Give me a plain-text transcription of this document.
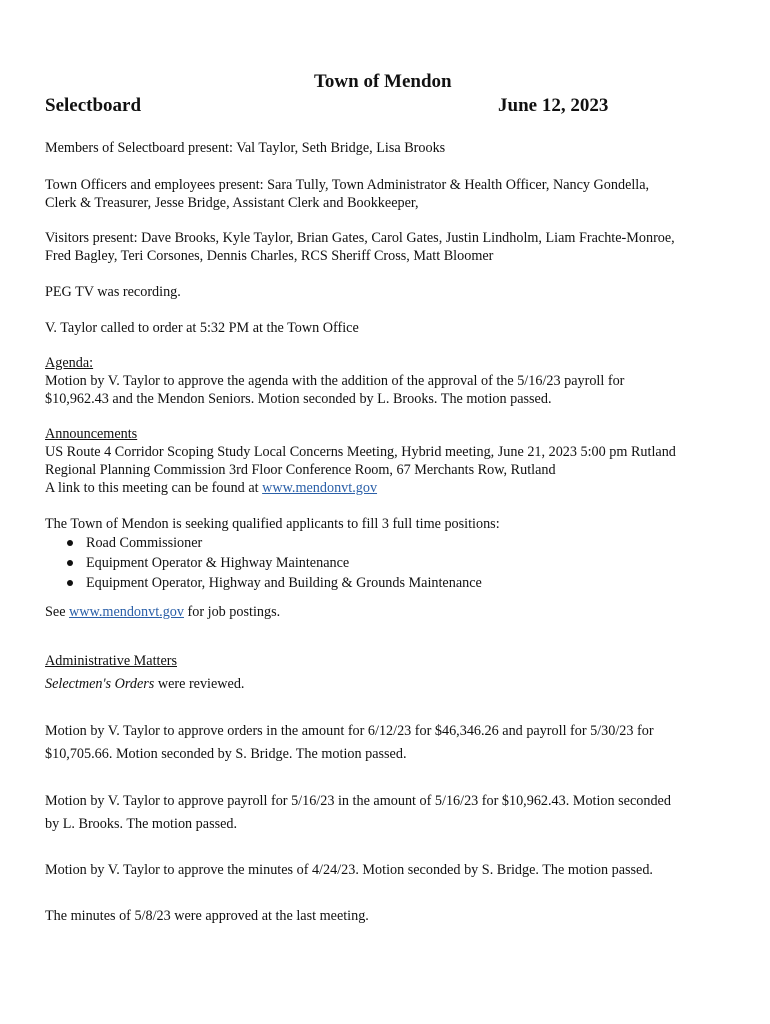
Town of Mendon
Selectboard	June 12, 2023
Members of Selectboard present: Val Taylor, Seth Bridge, Lisa Brooks
Town Officers and employees present: Sara Tully, Town Administrator & Health Officer, Nancy Gondella,
Clerk & Treasurer, Jesse Bridge, Assistant Clerk and Bookkeeper,
Visitors present: Dave Brooks, Kyle Taylor, Brian Gates, Carol Gates, Justin Lindholm, Liam Frachte-Monroe,
Fred Bagley, Teri Corsones, Dennis Charles, RCS Sheriff Cross, Matt Bloomer
PEG TV was recording.
V. Taylor called to order at 5:32 PM at the Town Office
Agenda:
Motion by V. Taylor to approve the agenda with the addition of the approval of the 5/16/23 payroll for
$10,962.43 and the Mendon Seniors. Motion seconded by L. Brooks. The motion passed.
Announcements
US Route 4 Corridor Scoping Study Local Concerns Meeting, Hybrid meeting, June 21, 2023 5:00 pm Rutland
Regional Planning Commission 3rd Floor Conference Room, 67 Merchants Row, Rutland
A link to this meeting can be found at www.mendonvt.gov
The Town of Mendon is seeking qualified applicants to fill 3 full time positions:
Road Commissioner
Equipment Operator & Highway Maintenance
Equipment Operator, Highway and Building & Grounds Maintenance
See www.mendonvt.gov for job postings.
Administrative Matters
Selectmen's Orders were reviewed.
Motion by V. Taylor to approve orders in the amount for 6/12/23 for $46,346.26 and payroll for 5/30/23 for
$10,705.66. Motion seconded by S. Bridge. The motion passed.
Motion by V. Taylor to approve payroll for 5/16/23 in the amount of 5/16/23 for $10,962.43. Motion seconded
by L. Brooks. The motion passed.
Motion by V. Taylor to approve the minutes of 4/24/23. Motion seconded by S. Bridge. The motion passed.
The minutes of 5/8/23 were approved at the last meeting.
